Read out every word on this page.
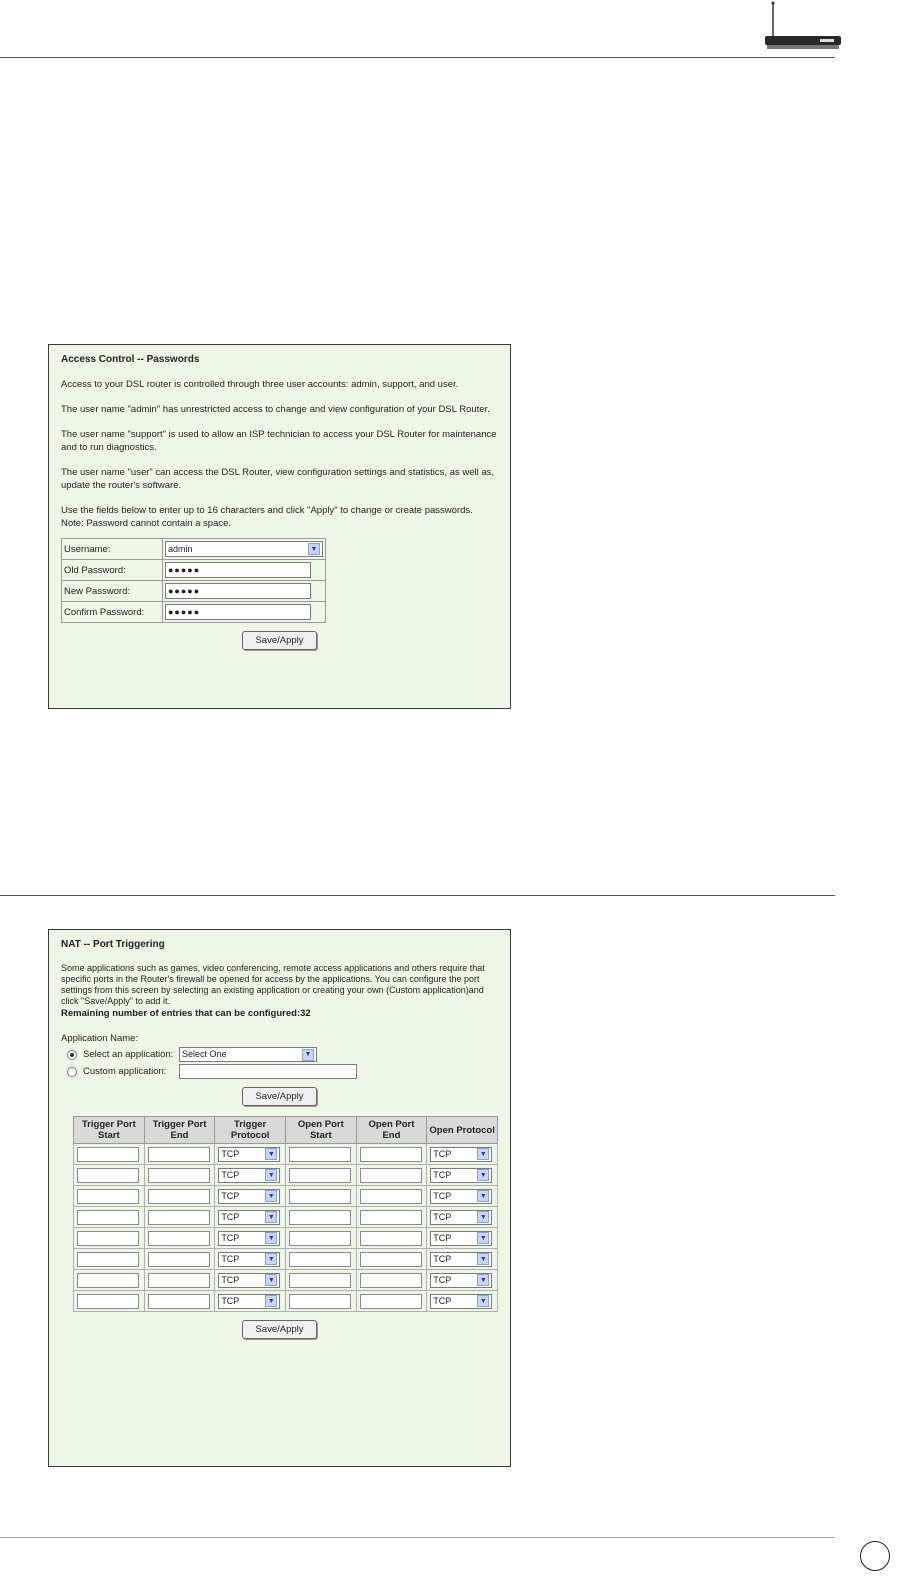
Access Control -- Passwords
Access to your DSL router is controlled through three user accounts: admin, support, and user.
The user name "admin" has unrestricted access to change and view configuration of your DSL Router.
The user name "support" is used to allow an ISP technician to access your DSL Router for maintenance and to run diagnostics.
The user name "user" can access the DSL Router, view configuration settings and statistics, as well as, update the router's software.
Use the fields below to enter up to 16 characters and click "Apply" to change or create passwords. Note: Password cannot contain a space.
Username:	admin ▼

Old Password:	●●●●●

New Password:	●●●●●

Confirm Password:	●●●●●
Save/Apply
NAT -- Port Triggering
Some applications such as games, video conferencing, remote access applications and others require that specific ports in the Router's firewall be opened for access by the applications. You can configure the port settings from this screen by selecting an existing application or creating your own (Custom application)and click "Save/Apply" to add it.
Remaining number of entries that can be configured:32
Application Name:
Select an application: Select One	▼
Custom application:
Save/Apply
Trigger Port Start	Trigger Port End	Trigger Protocol	Open Port Start	Open Port End	Open Protocol

		TCP ▼			TCP ▼

		TCP ▼			TCP ▼

		TCP ▼			TCP ▼

		TCP ▼			TCP ▼

		TCP ▼			TCP ▼

		TCP ▼			TCP ▼

		TCP ▼			TCP ▼

		TCP ▼			TCP ▼
Save/Apply
